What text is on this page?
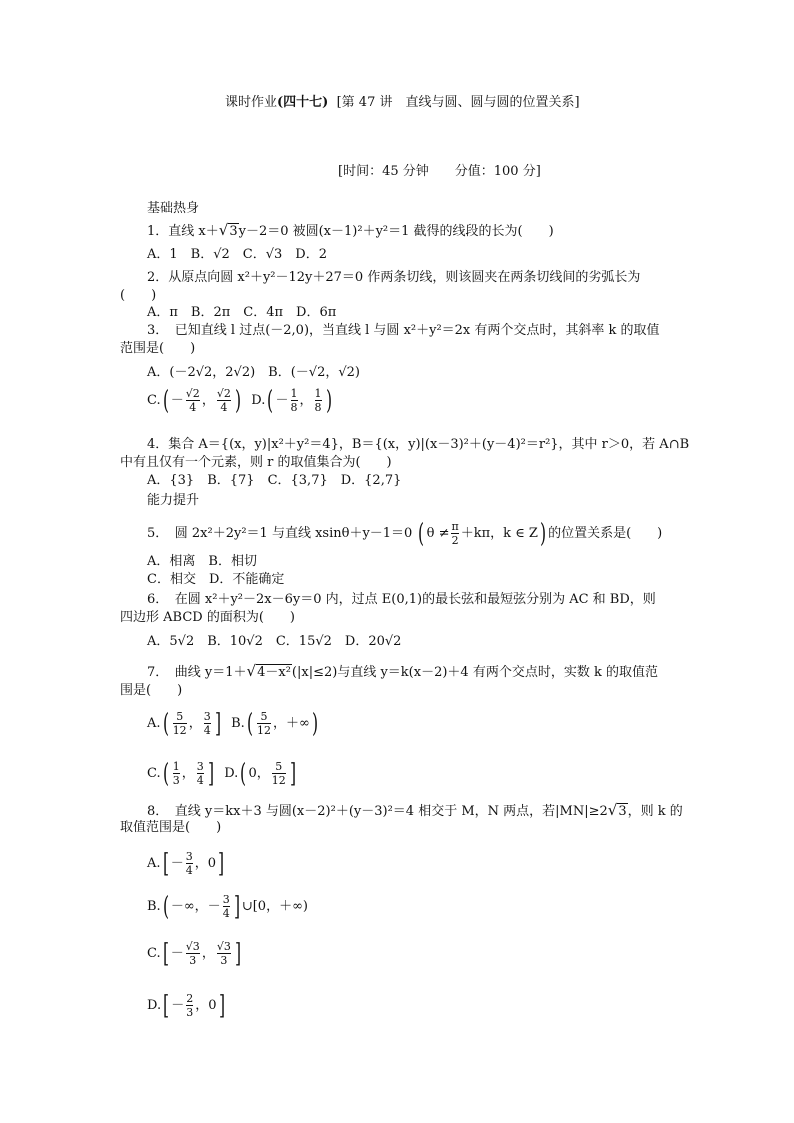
课时作业(四十七) [第 47 讲　直线与圆、圆与圆的位置关系]
[时间：45 分钟　　分值：100 分]
基础热身
1．直线 x＋√3y－2＝0 被圆(x－1)²＋y²＝1 截得的线段的长为(　　)
A．1　B．√2　C．√3　D．2
2．从原点向圆 x²＋y²－12y＋27＝0 作两条切线，则该圆夹在两条切线间的劣弧长为
(　　)
A．π　B．2π　C．4π　D．6π
3．　已知直线 l 过点(－2,0)，当直线 l 与圆 x²＋y²＝2x 有两个交点时，其斜率 k 的取值
范围是(　　)
A．(－2√2，2√2)　B．(－√2，√2)
$C.( - \frac{√2}{4}$ ， $\frac{√2}{4}$ ) $D.( - \frac{1}{8}$ ， $\frac{1}{8}$ )
4．集合 A＝{(x，y)|x²＋y²＝4}，B＝{(x，y)|(x－3)²＋(y－4)²＝r²}，其中 r＞0，若 A∩B
中有且仅有一个元素，则 r 的取值集合为(　　)
A．{3}　B．{7}　C．{3,7}　D．{2,7}
能力提升
5．　圆 2x²＋2y²＝1 与直线 xsinθ＋y－1＝0 ( $\theta \ne \frac{\pi}{2} +k\pi$，k ∈ Z) 的位置关系是(　　)
A．相离　B．相切
C．相交　D．不能确定
6．　在圆 x²＋y²－2x－6y＝0 内，过点 E(0,1)的最长弦和最短弦分别为 AC 和 BD，则
四边形 ABCD 的面积为(　　)
A．5√2　B．10√2　C．15√2　D．20√2
7．　曲线 y＝1＋√4－x²(|x|≤2)与直线 y＝k(x－2)＋4 有两个交点时，实数 k 的取值范
围是(　　)
$A.( \frac{5}{12}$ ， $\frac{3}{4}$ ] $B.( \frac{5}{12}$ ，＋∞)
$C.( \frac{1}{3}$ ， $\frac{3}{4}$ ] D.( 0， $\frac{5}{12}$ ]
8．　直线 y＝kx＋3 与圆(x－2)²＋(y－3)²＝4 相交于 M，N 两点，若|MN|≥2√3，则 k 的
取值范围是(　　)
$A.[ - \frac{3}{4}$ ，0]
B.( －∞，－ $\frac{3}{4}$ ] ∪[0，＋∞)
$C.[ - \frac{√3}{3}$ ， $\frac{√3}{3}$ ]
$D.[ - \frac{2}{3}$ ，0]
